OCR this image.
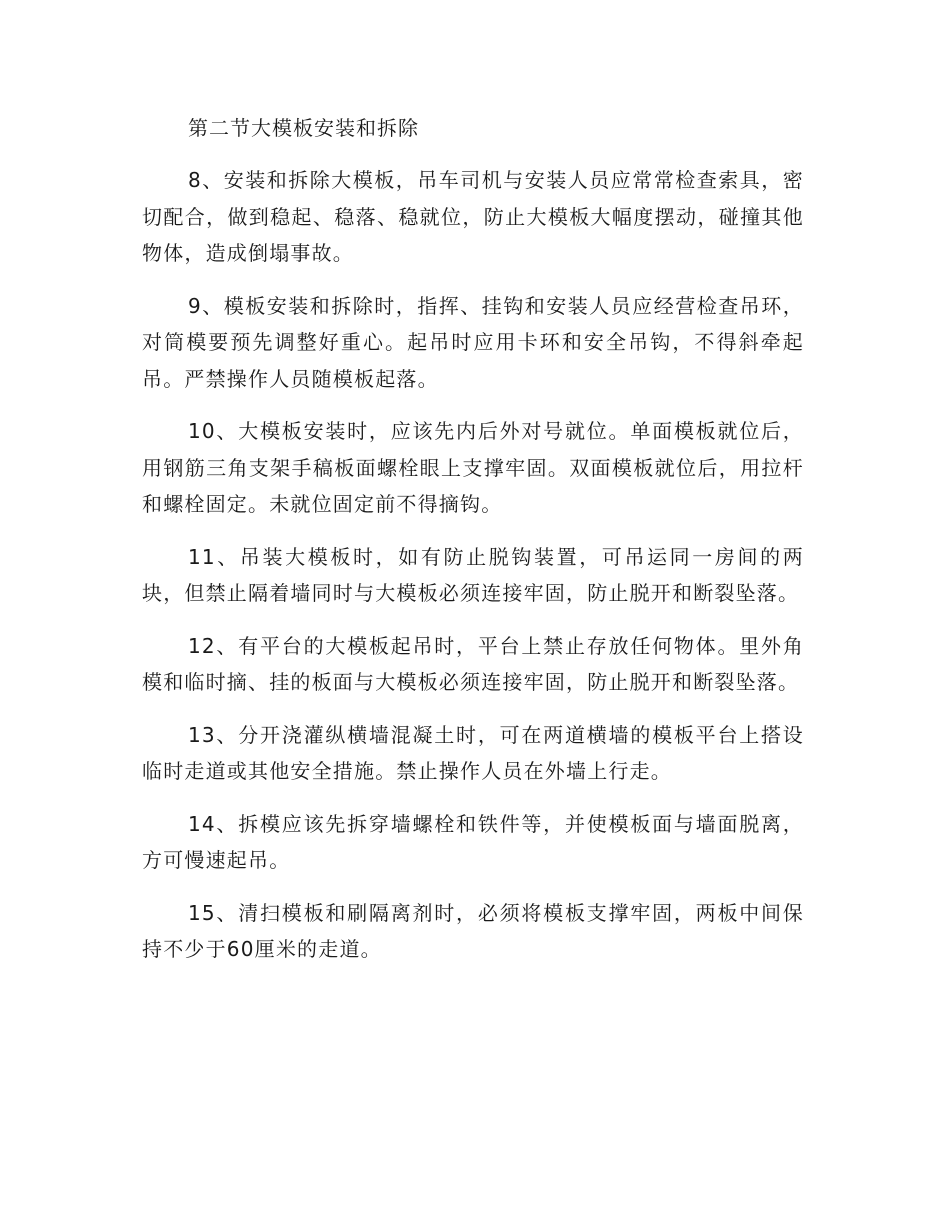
第二节大模板安装和拆除

8、安装和拆除大模板，吊车司机与安装人员应常常检查索具，密切配合，做到稳起、稳落、稳就位，防止大模板大幅度摆动，碰撞其他物体，造成倒塌事故。

9、模板安装和拆除时，指挥、挂钩和安装人员应经营检查吊环，对筒模要预先调整好重心。起吊时应用卡环和安全吊钩，不得斜牵起吊。严禁操作人员随模板起落。

10、大模板安装时，应该先内后外对号就位。单面模板就位后，用钢筋三角支架手稿板面螺栓眼上支撑牢固。双面模板就位后，用拉杆和螺栓固定。未就位固定前不得摘钩。

11、吊装大模板时，如有防止脱钩装置，可吊运同一房间的两块，但禁止隔着墙同时与大模板必须连接牢固，防止脱开和断裂坠落。

12、有平台的大模板起吊时，平台上禁止存放任何物体。里外角模和临时摘、挂的板面与大模板必须连接牢固，防止脱开和断裂坠落。

13、分开浇灌纵横墙混凝土时，可在两道横墙的模板平台上搭设临时走道或其他安全措施。禁止操作人员在外墙上行走。

14、拆模应该先拆穿墙螺栓和铁件等，并使模板面与墙面脱离，方可慢速起吊。

15、清扫模板和刷隔离剂时，必须将模板支撑牢固，两板中间保持不少于60厘米的走道。
